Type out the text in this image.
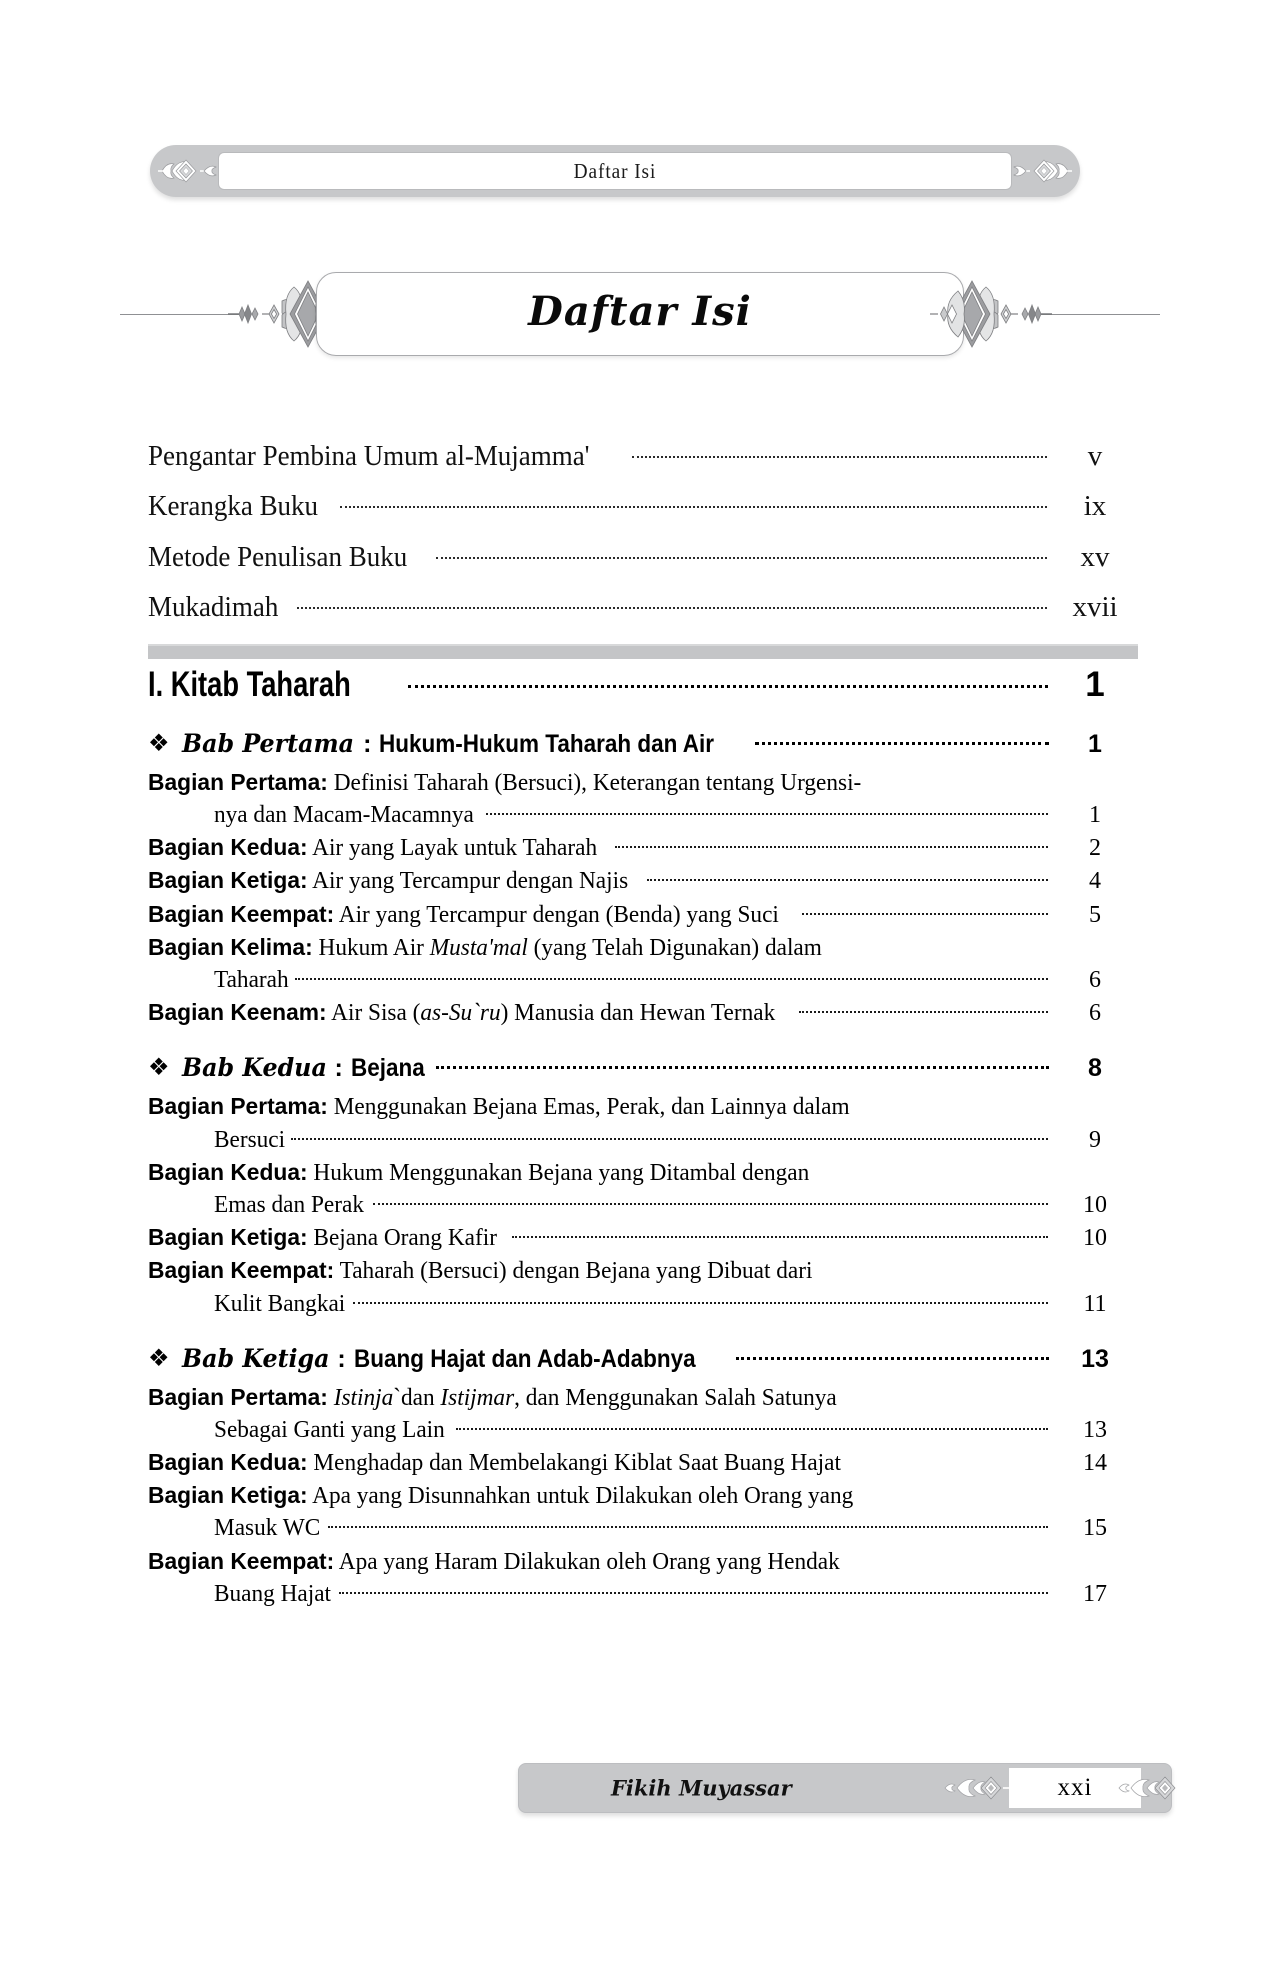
Daftar Isi
Daftar Isi
Pengantar Pembina Umum al-Mujamma'	v
Kerangka Buku	ix
Metode Penulisan Buku	xv
Mukadimah	xvii
I. Kitab Taharah	1
❖ Bab Pertama : Hukum-Hukum Taharah dan Air	1
Bagian Pertama: Definisi Taharah (Bersuci), Keterangan tentang Urgensi-
nya dan Macam-Macamnya	1
Bagian Kedua: Air yang Layak untuk Taharah	2
Bagian Ketiga: Air yang Tercampur dengan Najis	4
Bagian Keempat: Air yang Tercampur dengan (Benda) yang Suci	5
Bagian Kelima: Hukum Air Musta'mal (yang Telah Digunakan) dalam
Taharah	6
Bagian Keenam: Air Sisa (as-Su`ru) Manusia dan Hewan Ternak	6
❖ Bab Kedua : Bejana	8
Bagian Pertama: Menggunakan Bejana Emas, Perak, dan Lainnya dalam
Bersuci	9
Bagian Kedua: Hukum Menggunakan Bejana yang Ditambal dengan
Emas dan Perak	10
Bagian Ketiga: Bejana Orang Kafir	10
Bagian Keempat: Taharah (Bersuci) dengan Bejana yang Dibuat dari
Kulit Bangkai	11
❖ Bab Ketiga : Buang Hajat dan Adab-Adabnya	13
Bagian Pertama: Istinja`dan Istijmar, dan Menggunakan Salah Satunya
Sebagai Ganti yang Lain	13
Bagian Kedua: Menghadap dan Membelakangi Kiblat Saat Buang Hajat	14
Bagian Ketiga: Apa yang Disunnahkan untuk Dilakukan oleh Orang yang
Masuk WC	15
Bagian Keempat: Apa yang Haram Dilakukan oleh Orang yang Hendak
Buang Hajat	17
Fikih Muyassar	xxi
